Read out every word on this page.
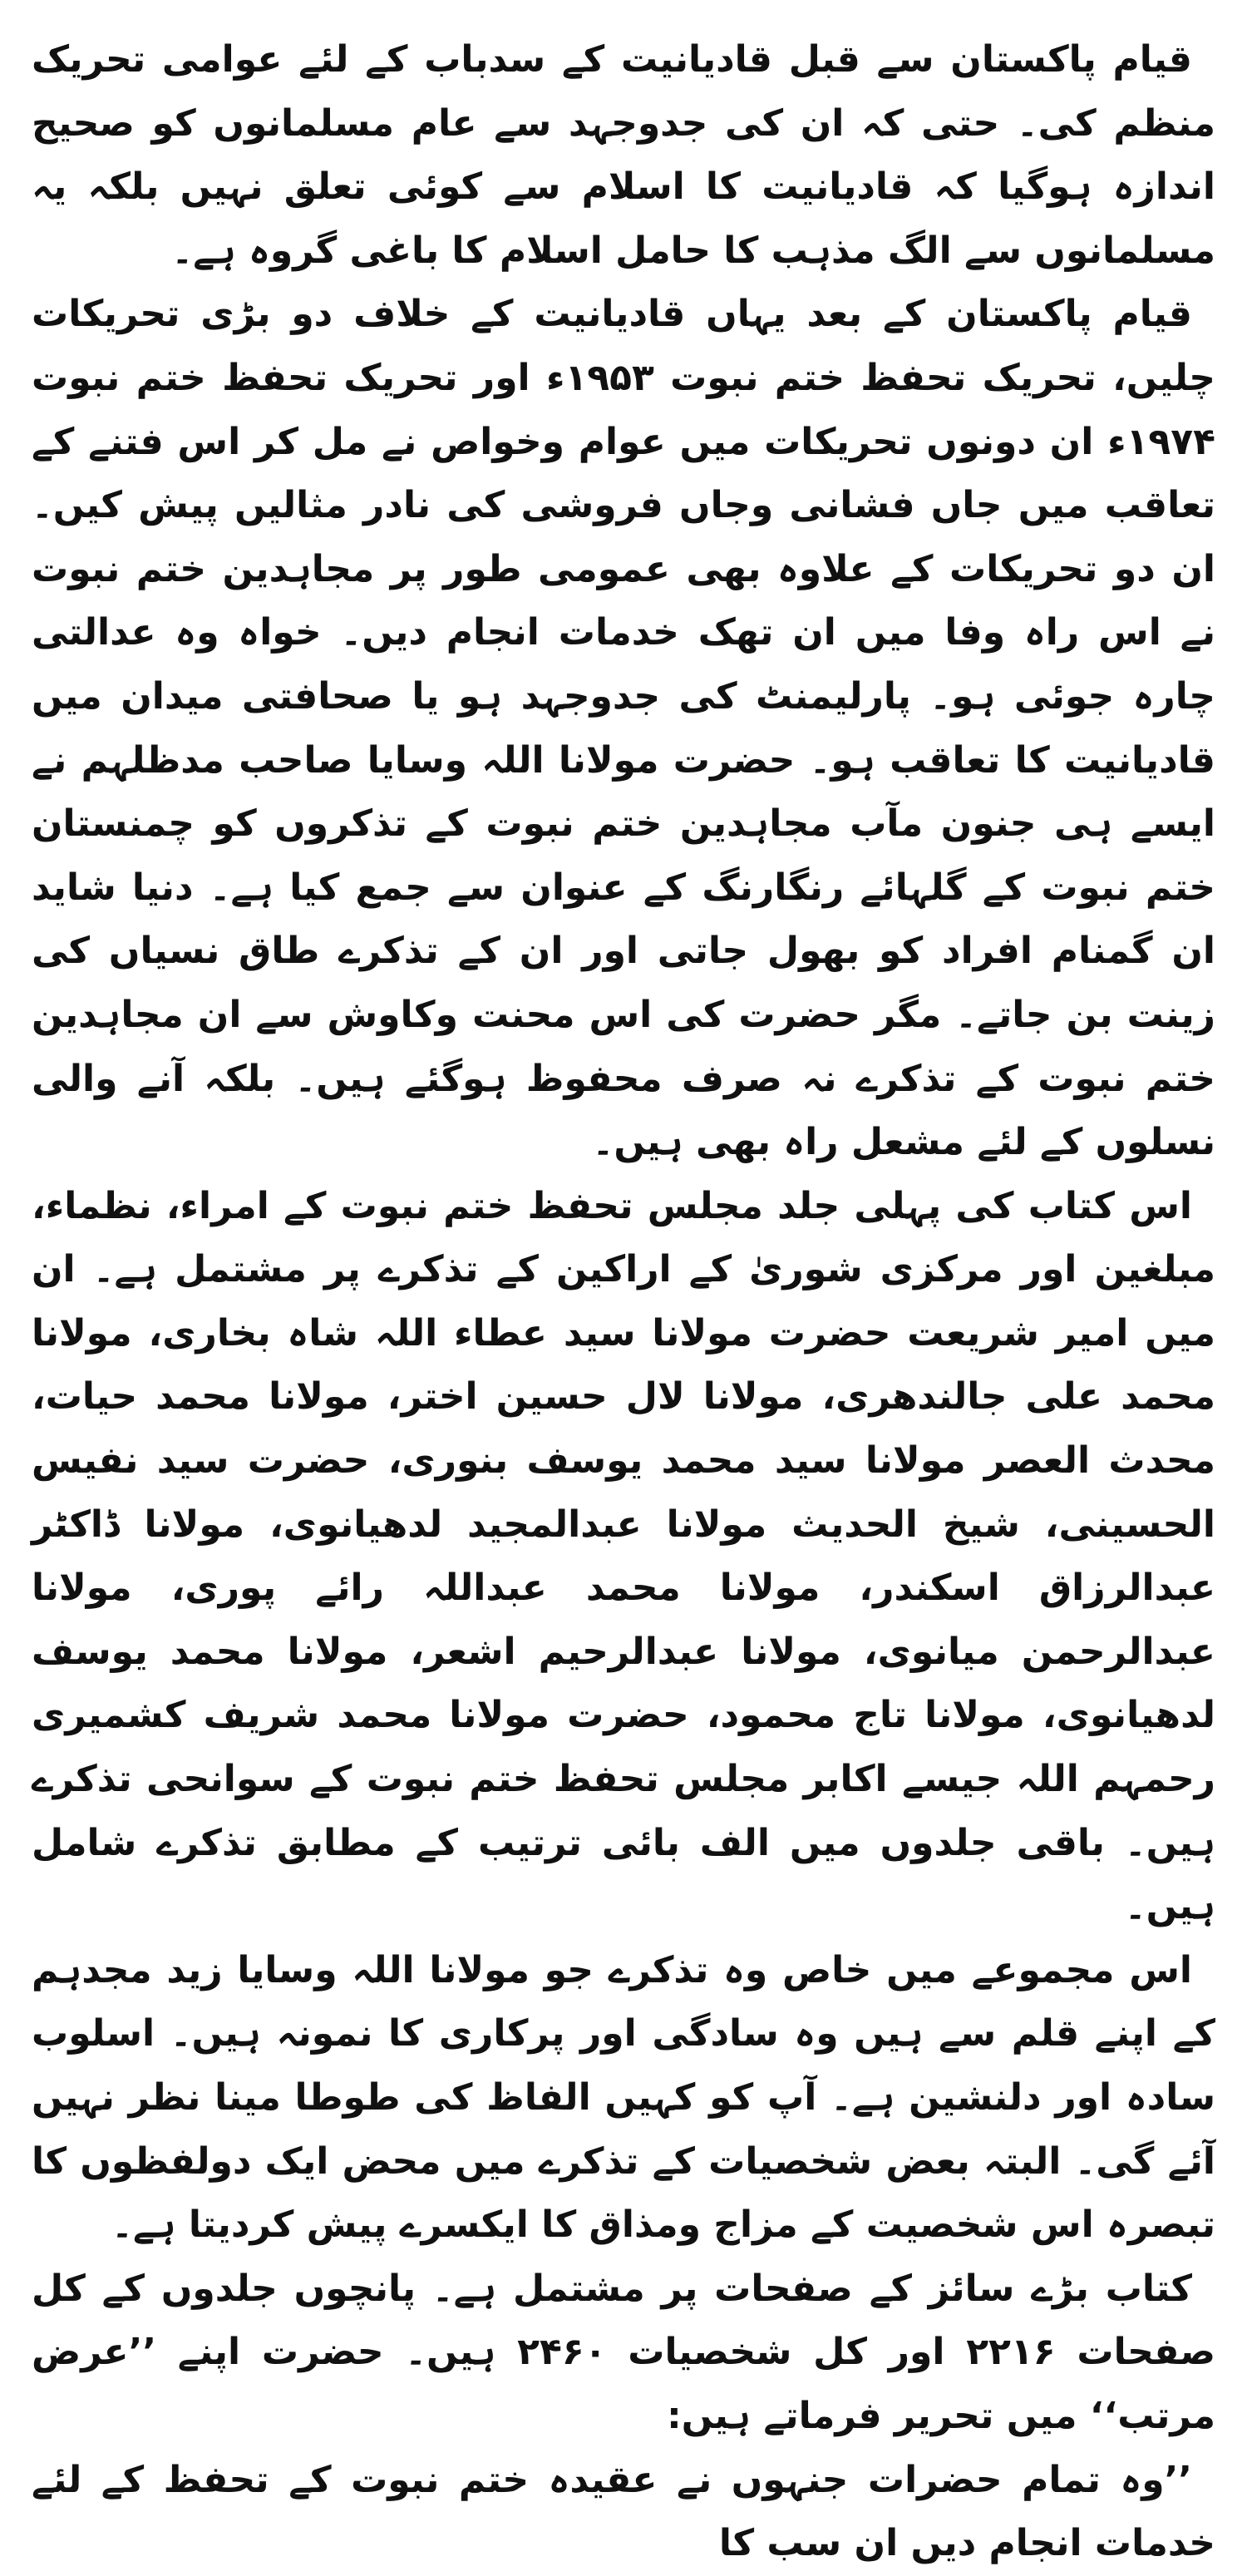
قیام پاکستان سے قبل قادیانیت کے سدباب کے لئے عوامی تحریک منظم کی۔ حتی کہ ان کی جدوجہد سے عام مسلمانوں کو صحیح اندازہ ہوگیا کہ قادیانیت کا اسلام سے کوئی تعلق نہیں بلکہ یہ مسلمانوں سے الگ مذہب کا حامل اسلام کا باغی گروہ ہے۔

قیام پاکستان کے بعد یہاں قادیانیت کے خلاف دو بڑی تحریکات چلیں، تحریک تحفظ ختم نبوت ۱۹۵۳ء اور تحریک تحفظ ختم نبوت ۱۹۷۴ء ان دونوں تحریکات میں عوام وخواص نے مل کر اس فتنے کے تعاقب میں جاں فشانی وجاں فروشی کی نادر مثالیں پیش کیں۔ ان دو تحریکات کے علاوہ بھی عمومی طور پر مجاہدین ختم نبوت نے اس راہ وفا میں ان تھک خدمات انجام دیں۔ خواہ وہ عدالتی چارہ جوئی ہو۔ پارلیمنٹ کی جدوجہد ہو یا صحافتی میدان میں قادیانیت کا تعاقب ہو۔ حضرت مولانا اللہ وسایا صاحب مدظلہم نے ایسے ہی جنون مآب مجاہدین ختم نبوت کے تذکروں کو چمنستان ختم نبوت کے گلہائے رنگارنگ کے عنوان سے جمع کیا ہے۔ دنیا شاید ان گمنام افراد کو بھول جاتی اور ان کے تذکرے طاق نسیاں کی زینت بن جاتے۔ مگر حضرت کی اس محنت وکاوش سے ان مجاہدین ختم نبوت کے تذکرے نہ صرف محفوظ ہوگئے ہیں۔ بلکہ آنے والی نسلوں کے لئے مشعل راہ بھی ہیں۔

اس کتاب کی پہلی جلد مجلس تحفظ ختم نبوت کے امراء، نظماء، مبلغین اور مرکزی شوریٰ کے اراکین کے تذکرے پر مشتمل ہے۔ ان میں امیر شریعت حضرت مولانا سید عطاء اللہ شاہ بخاری، مولانا محمد علی جالندھری، مولانا لال حسین اختر، مولانا محمد حیات، محدث العصر مولانا سید محمد یوسف بنوری، حضرت سید نفیس الحسینی، شیخ الحدیث مولانا عبدالمجید لدھیانوی، مولانا ڈاکٹر عبدالرزاق اسکندر، مولانا محمد عبداللہ رائے پوری، مولانا عبدالرحمن میانوی، مولانا عبدالرحیم اشعر، مولانا محمد یوسف لدھیانوی، مولانا تاج محمود، حضرت مولانا محمد شریف کشمیری رحمہم اللہ جیسے اکابر مجلس تحفظ ختم نبوت کے سوانحی تذکرے ہیں۔ باقی جلدوں میں الف بائی ترتیب کے مطابق تذکرے شامل ہیں۔

اس مجموعے میں خاص وہ تذکرے جو مولانا اللہ وسایا زید مجدہم کے اپنے قلم سے ہیں وہ سادگی اور پرکاری کا نمونہ ہیں۔ اسلوب سادہ اور دلنشین ہے۔ آپ کو کہیں الفاظ کی طوطا مینا نظر نہیں آئے گی۔ البتہ بعض شخصیات کے تذکرے میں محض ایک دولفظوں کا تبصرہ اس شخصیت کے مزاج ومذاق کا ایکسرے پیش کردیتا ہے۔

کتاب بڑے سائز کے صفحات پر مشتمل ہے۔ پانچوں جلدوں کے کل صفحات ۲۲۱۶ اور کل شخصیات ۲۴۶۰ ہیں۔ حضرت اپنے ’’عرض مرتب‘‘ میں تحریر فرماتے ہیں:

’’وہ تمام حضرات جنہوں نے عقیدہ ختم نبوت کے تحفظ کے لئے خدمات انجام دیں ان سب کا
